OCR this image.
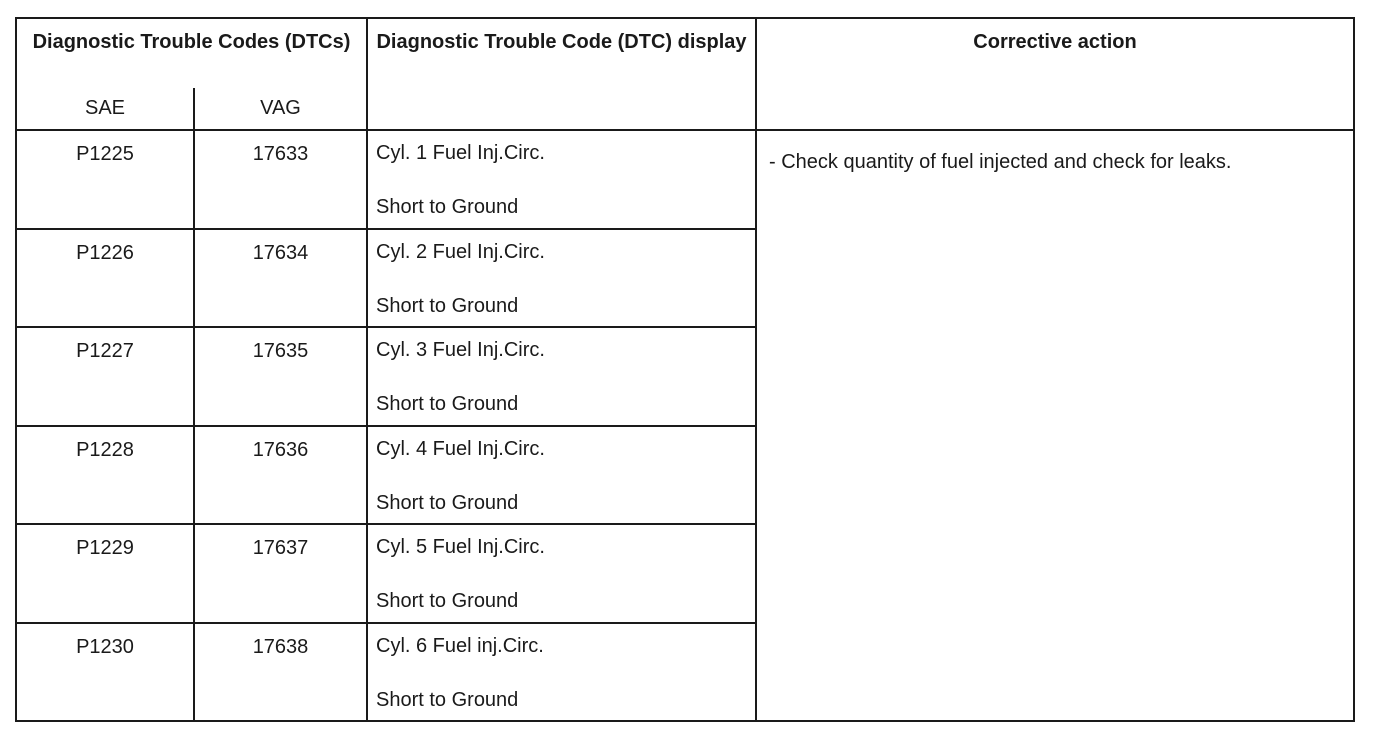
Diagnostic Trouble Codes (DTCs)		Diagnostic Trouble Code (DTC) display	Corrective action
SAE	VAG		
P1225	17633	Cyl. 1 Fuel Inj.Circ.
Short to Ground	- Check quantity of fuel injected and check for leaks.
P1226	17634	Cyl. 2 Fuel Inj.Circ.
Short to Ground	

P1227	17635	Cyl. 3 Fuel Inj.Circ.
Short to Ground	

P1228	17636	Cyl. 4 Fuel Inj.Circ.
Short to Ground	

P1229	17637	Cyl. 5 Fuel Inj.Circ.
Short to Ground	

P1230	17638	Cyl. 6 Fuel inj.Circ.
Short to Ground	
